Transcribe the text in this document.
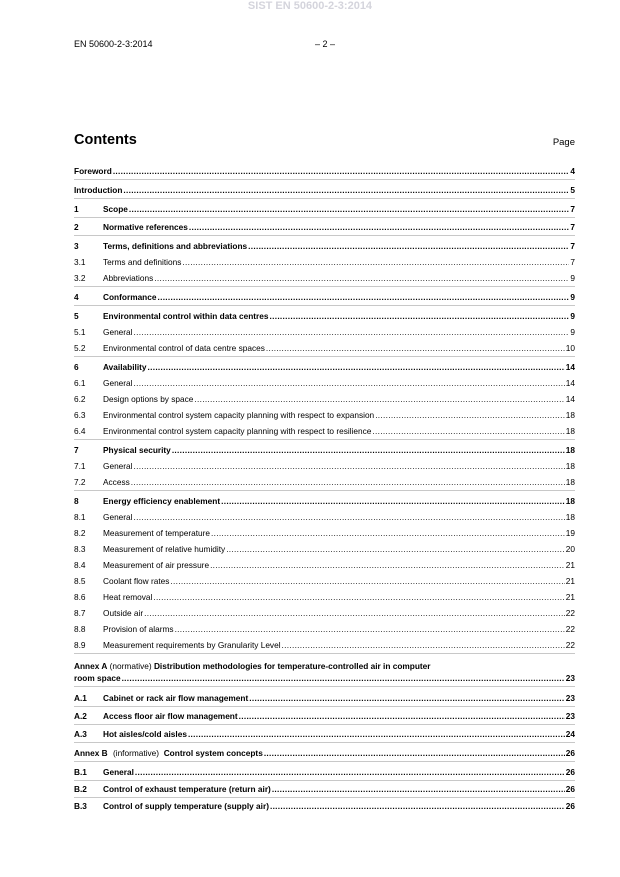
SIST EN 50600-2-3:2014
EN 50600-2-3:2014	– 2 –
Contents	Page
Foreword .....	4
Introduction .....	5
1	Scope .....	7
2	Normative references .....	7
3	Terms, definitions and abbreviations .....	7
3.1	Terms and definitions .....	7
3.2	Abbreviations .....	9
4	Conformance .....	9
5	Environmental control within data centres .....	9
5.1	General .....	9
5.2	Environmental control of data centre spaces .....	10
6	Availability .....	14
6.1	General .....	14
6.2	Design options by space .....	14
6.3	Environmental control system capacity planning with respect to expansion .....	18
6.4	Environmental control system capacity planning with respect to resilience .....	18
7	Physical security .....	18
7.1	General .....	18
7.2	Access .....	18
8	Energy efficiency enablement .....	18
8.1	General .....	18
8.2	Measurement of temperature .....	19
8.3	Measurement of relative humidity .....	20
8.4	Measurement of air pressure .....	21
8.5	Coolant flow rates .....	21
8.6	Heat removal .....	21
8.7	Outside air .....	22
8.8	Provision of alarms .....	22
8.9	Measurement requirements by Granularity Level .....	22
Annex A (normative) Distribution methodologies for temperature-controlled air in computer
room space .....	23
A.1	Cabinet or rack air flow management .....	23
A.2	Access floor air flow management .....	23
A.3	Hot aisles/cold aisles .....	24
Annex B (informative) Control system concepts .....	26
B.1	General .....	26
B.2	Control of exhaust temperature (return air) .....	26
B.3	Control of supply temperature (supply air) .....	26
